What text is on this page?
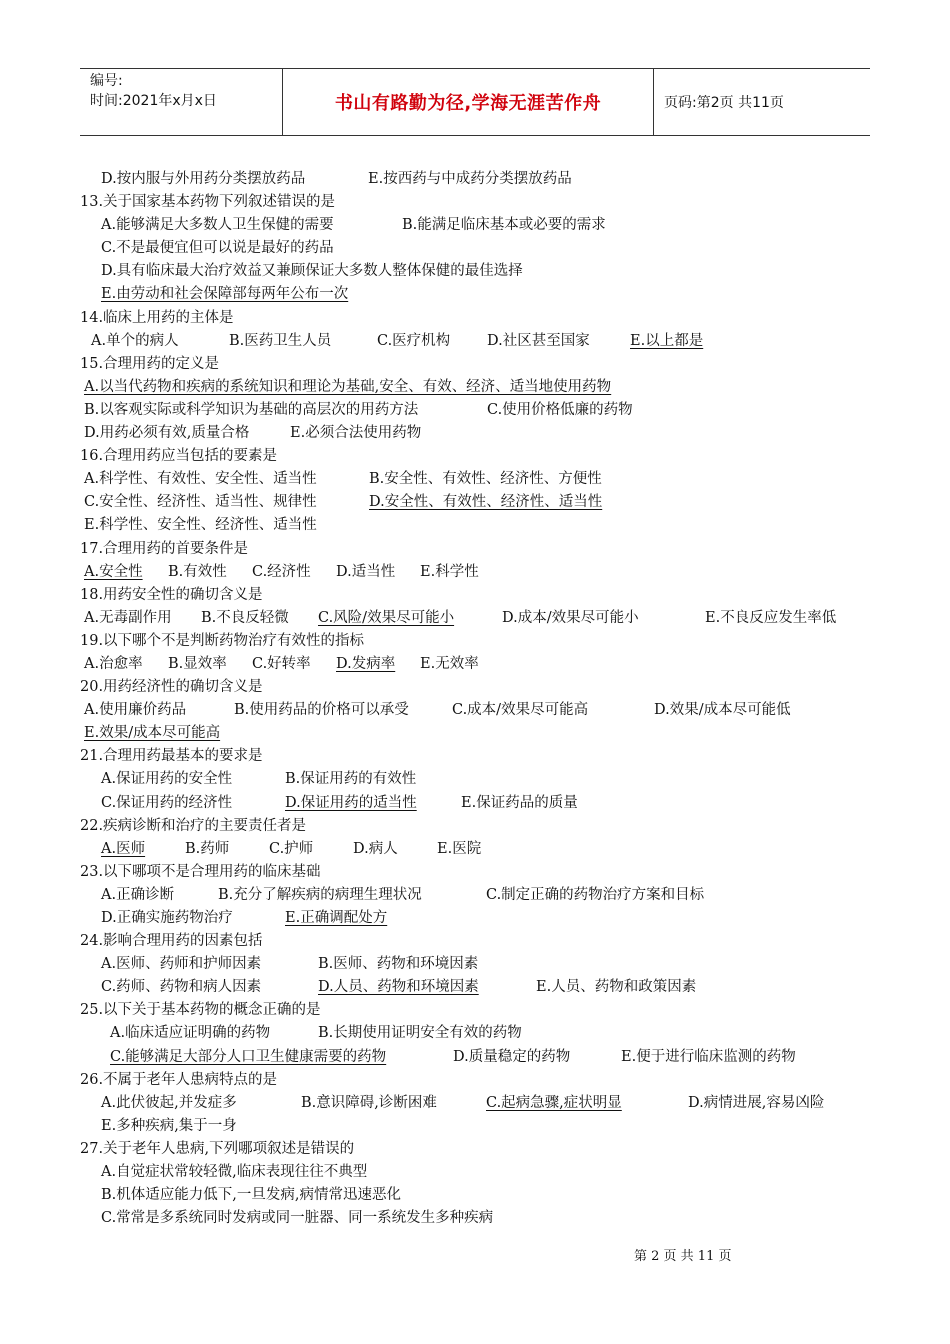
编号:
时间:2021年x月x日	书山有路勤为径,学海无涯苦作舟	页码:第2页 共11页
D.按内服与外用药分类摆放药品	E.按西药与中成药分类摆放药品
13.关于国家基本药物下列叙述错误的是
A.能够满足大多数人卫生保健的需要	B.能满足临床基本或必要的需求
C.不是最便宜但可以说是最好的药品
D.具有临床最大治疗效益又兼顾保证大多数人整体保健的最佳选择
E.由劳动和社会保障部每两年公布一次
14.临床上用药的主体是
A.单个的病人	B.医药卫生人员	C.医疗机构	D.社区甚至国家	E.以上都是
15.合理用药的定义是
A.以当代药物和疾病的系统知识和理论为基础,安全、有效、经济、适当地使用药物
B.以客观实际或科学知识为基础的高层次的用药方法	C.使用价格低廉的药物
D.用药必须有效,质量合格	E.必须合法使用药物
16.合理用药应当包括的要素是
A.科学性、有效性、安全性、适当性	B.安全性、有效性、经济性、方便性
C.安全性、经济性、适当性、规律性	D.安全性、有效性、经济性、适当性
E.科学性、安全性、经济性、适当性
17.合理用药的首要条件是
A.安全性 B.有效性 C.经济性 D.适当性 E.科学性
18.用药安全性的确切含义是
A.无毒副作用 B.不良反轻微 C.风险/效果尽可能小	D.成本/效果尽可能小	E.不良反应发生率低
19.以下哪个不是判断药物治疗有效性的指标
A.治愈率 B.显效率 C.好转率 D.发病率 E.无效率
20.用药经济性的确切含义是
A.使用廉价药品	B.使用药品的价格可以承受	C.成本/效果尽可能高	D.效果/成本尽可能低
E.效果/成本尽可能高
21.合理用药最基本的要求是
A.保证用药的安全性	B.保证用药的有效性
C.保证用药的经济性	D.保证用药的适当性	E.保证药品的质量
22.疾病诊断和治疗的主要责任者是
A.医师	B.药师	C.护师	D.病人	E.医院
23.以下哪项不是合理用药的临床基础
A.正确诊断	B.充分了解疾病的病理生理状况	C.制定正确的药物治疗方案和目标
D.正确实施药物治疗	E.正确调配处方
24.影响合理用药的因素包括
A.医师、药师和护师因素	B.医师、药物和环境因素
C.药师、药物和病人因素	D.人员、药物和环境因素	E.人员、药物和政策因素
25.以下关于基本药物的概念正确的是
A.临床适应证明确的药物	B.长期使用证明安全有效的药物
C.能够满足大部分人口卫生健康需要的药物	D.质量稳定的药物	E.便于进行临床监测的药物
26.不属于老年人患病特点的是
A.此伏彼起,并发症多	B.意识障碍,诊断困难	C.起病急骤,症状明显	D.病情进展,容易凶险
E.多种疾病,集于一身
27.关于老年人患病,下列哪项叙述是错误的
A.自觉症状常较轻微,临床表现往往不典型
B.机体适应能力低下,一旦发病,病情常迅速恶化
C.常常是多系统同时发病或同一脏器、同一系统发生多种疾病
第 2 页 共 11 页
